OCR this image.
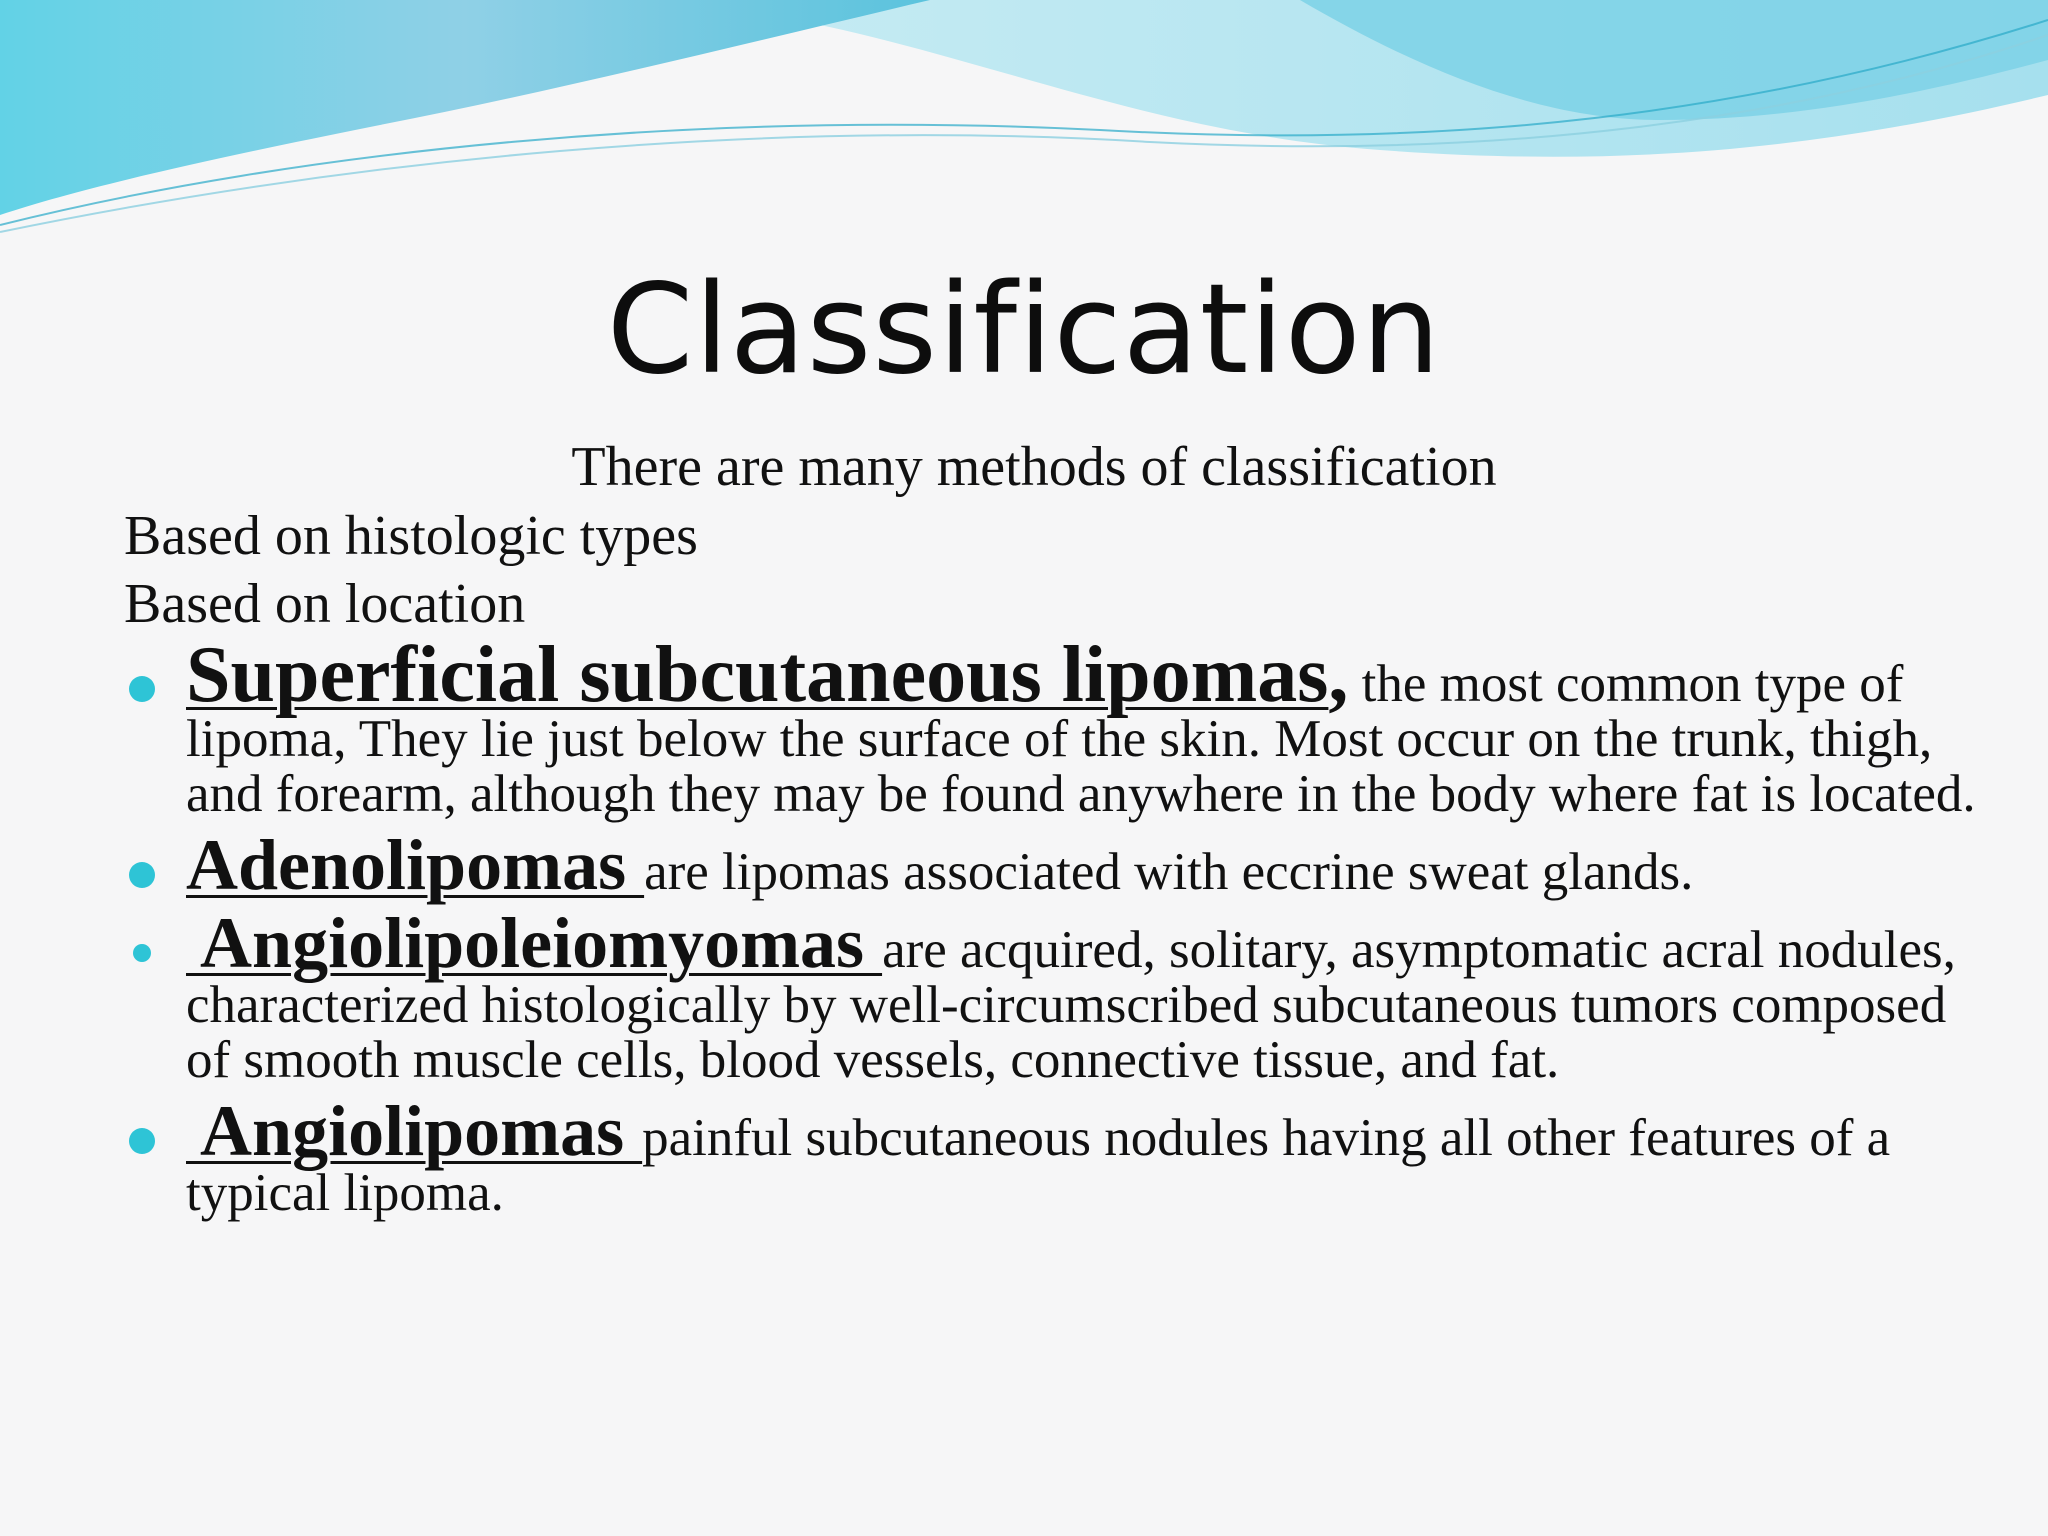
Classification
There are many methods of classification
Based on histologic types
Based on location
Superficial subcutaneous lipomas, the most common type of lipoma, They lie just below the surface of the skin. Most occur on the trunk, thigh, and forearm, although they may be found anywhere in the body where fat is located.
Adenolipomas are lipomas associated with eccrine sweat glands.
Angiolipoleiomyomas are acquired, solitary, asymptomatic acral nodules, characterized histologically by well-circumscribed subcutaneous tumors composed of smooth muscle cells, blood vessels, connective tissue, and fat.
Angiolipomas painful subcutaneous nodules having all other features of a typical lipoma.
